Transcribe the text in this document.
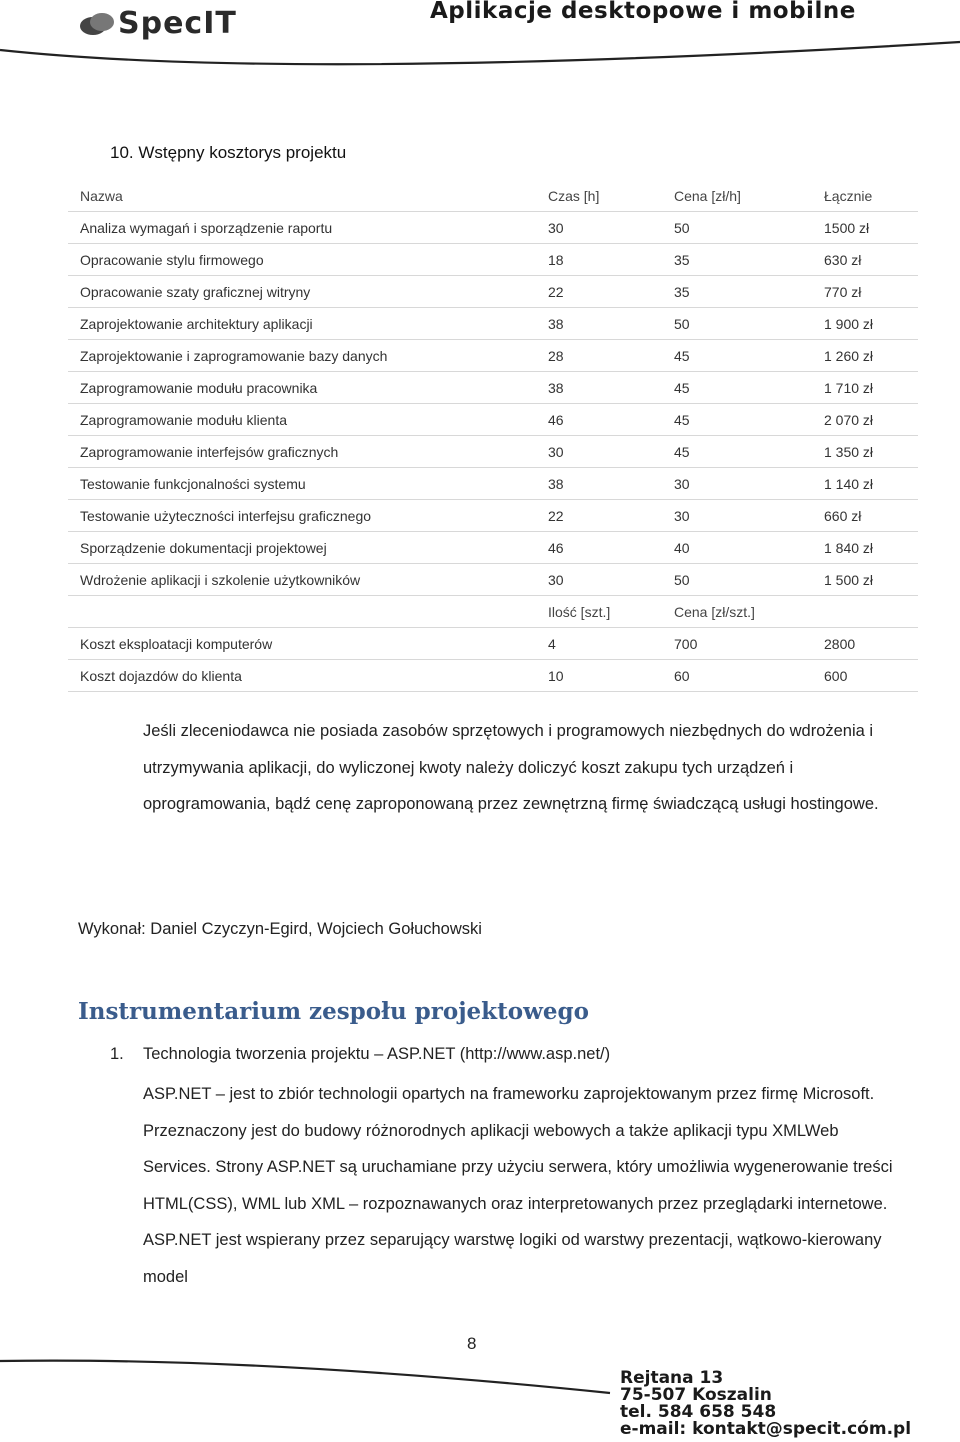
SpecIT	Aplikacje desktopowe i mobilne
10. Wstępny kosztorys projektu
Nazwa	Czas [h]	Cena [zł/h]	Łącznie
Analiza wymagań i sporządzenie raportu	30	50	1500 zł
Opracowanie stylu firmowego	18	35	630 zł
Opracowanie szaty graficznej witryny	22	35	770 zł
Zaprojektowanie architektury aplikacji	38	50	1 900 zł
Zaprojektowanie i zaprogramowanie bazy danych	28	45	1 260 zł
Zaprogramowanie modułu pracownika	38	45	1 710 zł
Zaprogramowanie modułu klienta	46	45	2 070 zł
Zaprogramowanie interfejsów graficznych	30	45	1 350 zł
Testowanie funkcjonalności systemu	38	30	1 140 zł
Testowanie użyteczności interfejsu graficznego	22	30	660 zł
Sporządzenie dokumentacji projektowej	46	40	1 840 zł
Wdrożenie aplikacji i szkolenie użytkowników	30	50	1 500 zł
	Ilość [szt.]	Cena [zł/szt.]	
Koszt eksploatacji komputerów	4	700	2800
Koszt dojazdów do klienta	10	60	600
Jeśli zleceniodawca nie posiada zasobów sprzętowych i programowych niezbędnych do wdrożenia i utrzymywania aplikacji, do wyliczonej kwoty należy doliczyć koszt zakupu tych urządzeń i oprogramowania, bądź cenę zaproponowaną przez zewnętrzną firmę świadczącą usługi hostingowe.
Wykonał: Daniel Czyczyn-Egird, Wojciech Gołuchowski
Instrumentarium zespołu projektowego
1. Technologia tworzenia projektu – ASP.NET (http://www.asp.net/)
ASP.NET – jest to zbiór technologii opartych na frameworku zaprojektowanym przez firmę Microsoft. Przeznaczony jest do budowy różnorodnych aplikacji webowych a także aplikacji typu XMLWeb Services. Strony ASP.NET są uruchamiane przy użyciu serwera, który umożliwia wygenerowanie treści HTML(CSS), WML lub XML – rozpoznawanych oraz interpretowanych przez przeglądarki internetowe. ASP.NET jest wspierany przez separujący warstwę logiki od warstwy prezentacji, wątkowo-kierowany model
8
Rejtana 13
75-507 Koszalin
tel. 584 658 548
e-mail: kontakt@specit.cóm.pl
